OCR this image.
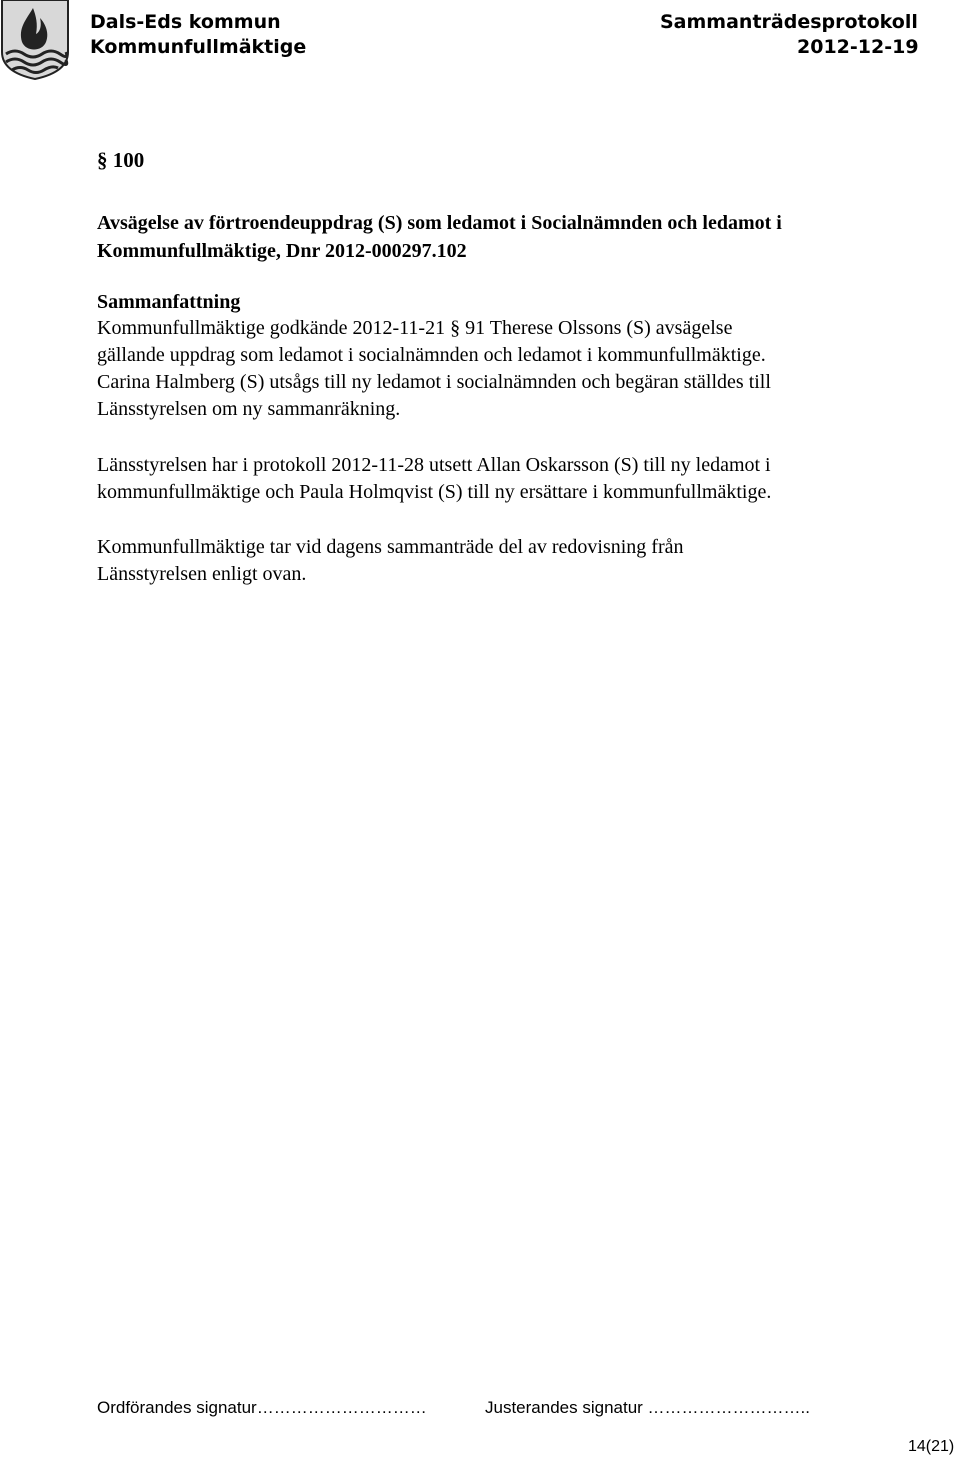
Dals-Eds kommun
Kommunfullmäktige
Sammanträdesprotokoll
2012-12-19
§ 100
Avsägelse av förtroendeuppdrag (S) som ledamot i Socialnämnden och ledamot i
Kommunfullmäktige, Dnr 2012-000297.102
Sammanfattning
Kommunfullmäktige godkände 2012-11-21 § 91 Therese Olssons (S) avsägelse
gällande uppdrag som ledamot i socialnämnden och ledamot i kommunfullmäktige.
Carina Halmberg (S) utsågs till ny ledamot i socialnämnden och begäran ställdes till
Länsstyrelsen om ny sammanräkning.
Länsstyrelsen har i protokoll 2012-11-28 utsett Allan Oskarsson (S) till ny ledamot i
kommunfullmäktige och Paula Holmqvist (S) till ny ersättare i kommunfullmäktige.
Kommunfullmäktige tar vid dagens sammanträde del av redovisning från
Länsstyrelsen enligt ovan.
Ordförandes signatur…………………………	Justerandes signatur ………………………..
14(21)
